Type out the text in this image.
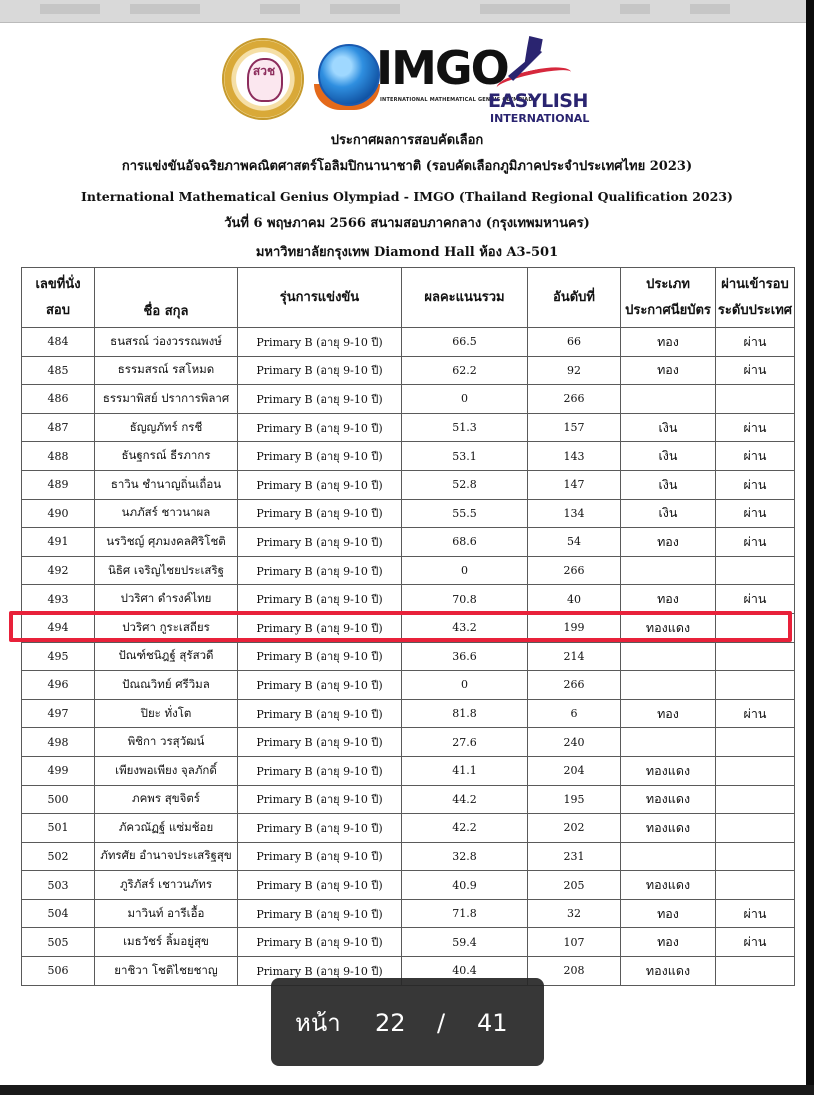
สวช IMGO
INTERNATIONAL MATHEMATICAL GENIUS OLYMPIAD
EASYLISH
INTERNATIONAL
ประกาศผลการสอบคัดเลือก
การแข่งขันอัจฉริยภาพคณิตศาสตร์โอลิมปิกนานาชาติ (รอบคัดเลือกภูมิภาคประจำประเทศไทย 2023)
International Mathematical Genius Olympiad - IMGO (Thailand Regional Qualification 2023)
วันที่ 6 พฤษภาคม 2566 สนามสอบภาคกลาง (กรุงเทพมหานคร)
มหาวิทยาลัยกรุงเทพ Diamond Hall ห้อง A3-501
เลขที่นั่ง
สอบ	ชื่อ สกุล	รุ่นการแข่งขัน	ผลคะแนนรวม	อันดับที่	ประเภท
ประกาศนียบัตร	ผ่านเข้ารอบ
ระดับประเทศ
484	ธนสรณ์ ว่องวรรณพงษ์	Primary B (อายุ 9-10 ปี)	66.5	66	ทอง	ผ่าน
485	ธรรมสรณ์ รสโหมด	Primary B (อายุ 9-10 ปี)	62.2	92	ทอง	ผ่าน
486	ธรรมาพิสย์ ปราการพิลาศ	Primary B (อายุ 9-10 ปี)	0	266		
487	ธัญญภัทร์ กรชี	Primary B (อายุ 9-10 ปี)	51.3	157	เงิน	ผ่าน
488	ธันฐกรณ์ ธีรภากร	Primary B (อายุ 9-10 ปี)	53.1	143	เงิน	ผ่าน
489	ธาวิน ชำนาญถิ่นเถื่อน	Primary B (อายุ 9-10 ปี)	52.8	147	เงิน	ผ่าน
490	นภภัสร์ ชาวนาผล	Primary B (อายุ 9-10 ปี)	55.5	134	เงิน	ผ่าน
491	นรวิชญ์ ศุภมงคลศิริโชติ	Primary B (อายุ 9-10 ปี)	68.6	54	ทอง	ผ่าน
492	นิธิศ เจริญไชยประเสริฐ	Primary B (อายุ 9-10 ปี)	0	266		
493	ปวริศา ดำรงค์ไทย	Primary B (อายุ 9-10 ปี)	70.8	40	ทอง	ผ่าน
494	ปวริศา กูระเสถียร	Primary B (อายุ 9-10 ปี)	43.2	199	ทองแดง	
495	ปัณฑ์ชนิฎฐ์ สุรัสวดี	Primary B (อายุ 9-10 ปี)	36.6	214		
496	ปัณณวิทย์ ศรีวิมล	Primary B (อายุ 9-10 ปี)	0	266		
497	ปิยะ ทั่งโต	Primary B (อายุ 9-10 ปี)	81.8	6	ทอง	ผ่าน
498	พิชิกา วรสุวัฒน์	Primary B (อายุ 9-10 ปี)	27.6	240		
499	เพียงพอเพียง จุลภักดิ์	Primary B (อายุ 9-10 ปี)	41.1	204	ทองแดง	
500	ภคพร สุขจิตร์	Primary B (อายุ 9-10 ปี)	44.2	195	ทองแดง	
501	ภัควณัฏฐ์ แซ่มช้อย	Primary B (อายุ 9-10 ปี)	42.2	202	ทองแดง	
502	ภัทรศัย อำนาจประเสริฐสุข	Primary B (อายุ 9-10 ปี)	32.8	231		
503	ภูริภัสร์ เชาวนภัทร	Primary B (อายุ 9-10 ปี)	40.9	205	ทองแดง	
504	มาวินท์ อารีเอื้อ	Primary B (อายุ 9-10 ปี)	71.8	32	ทอง	ผ่าน
505	เมธวัชร์ ลิ้มอยู่สุข	Primary B (อายุ 9-10 ปี)	59.4	107	ทอง	ผ่าน
506	ยาชิวา โชติไชยชาญ	Primary B (อายุ 9-10 ปี)	40.4	208	ทองแดง	
หน้า 22 / 41
